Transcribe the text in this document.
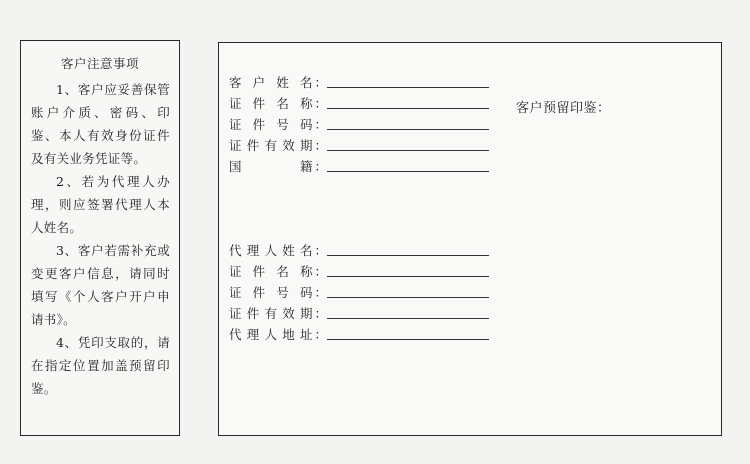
客户注意事项

1、客户应妥善保管账户介质、密码、印鉴、本人有效身份证件及有关业务凭证等。

2、若为代理人办理，则应签署代理人本人姓名。

3、客户若需补充或变更客户信息，请同时填写《个人客户开户申请书》。

4、凭印支取的，请在指定位置加盖预留印鉴。

客 户 姓 名 ：
证 件 名 称 ：
证 件 号 码 ：
证 件 有 效 期 ：
国	籍 ：
客户预留印鉴：
代 理 人 姓 名 ：
证 件 名 称 ：
证 件 号 码 ：
证 件 有 效 期 ：
代 理 人 地 址 ：
